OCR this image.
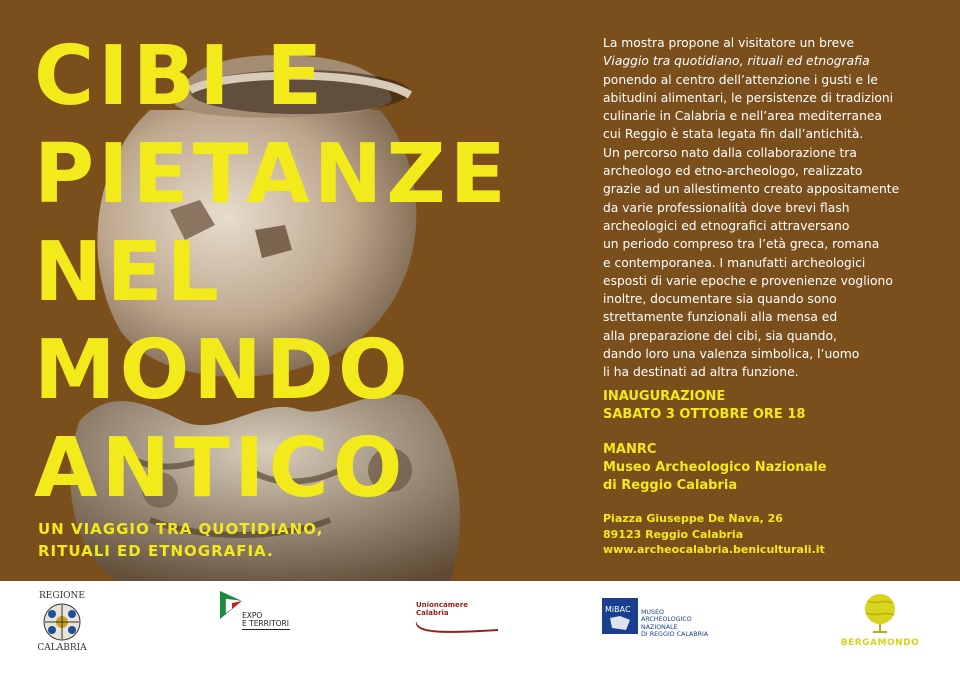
CIBI E
PIETANZE
NEL
MONDO
ANTICO
UN VIAGGIO TRA QUOTIDIANO,
RITUALI ED ETNOGRAFIA.
La mostra propone al visitatore un breve
Viaggio tra quotidiano, rituali ed etnografia
ponendo al centro dell’attenzione i gusti e le
abitudini alimentari, le persistenze di tradizioni
culinarie in Calabria e nell’area mediterranea
cui Reggio è stata legata fin dall’antichità.
Un percorso nato dalla collaborazione tra
archeologo ed etno-archeologo, realizzato
grazie ad un allestimento creato appositamente
da varie professionalità dove brevi flash
archeologici ed etnografici attraversano
un periodo compreso tra l’età greca, romana
e contemporanea. I manufatti archeologici
esposti di varie epoche e provenienze vogliono
inoltre, documentare sia quando sono
strettamente funzionali alla mensa ed
alla preparazione dei cibi, sia quando,
dando loro una valenza simbolica, l’uomo
li ha destinati ad altra funzione.
INAUGURAZIONE
SABATO 3 OTTOBRE ORE 18
MANRC
Museo Archeologico Nazionale
di Reggio Calabria
Piazza Giuseppe De Nava, 26
89123 Reggio Calabria
www.archeocalabria.beniculturali.it
REGIONE
CALABRIA
EXPO
E TERRITORI
Unioncamere
Calabria	MiBAC MUSEO
ARCHEOLOGICO
NAZIONALE
DI REGGIO CALABRIA
BERGAMONDO
